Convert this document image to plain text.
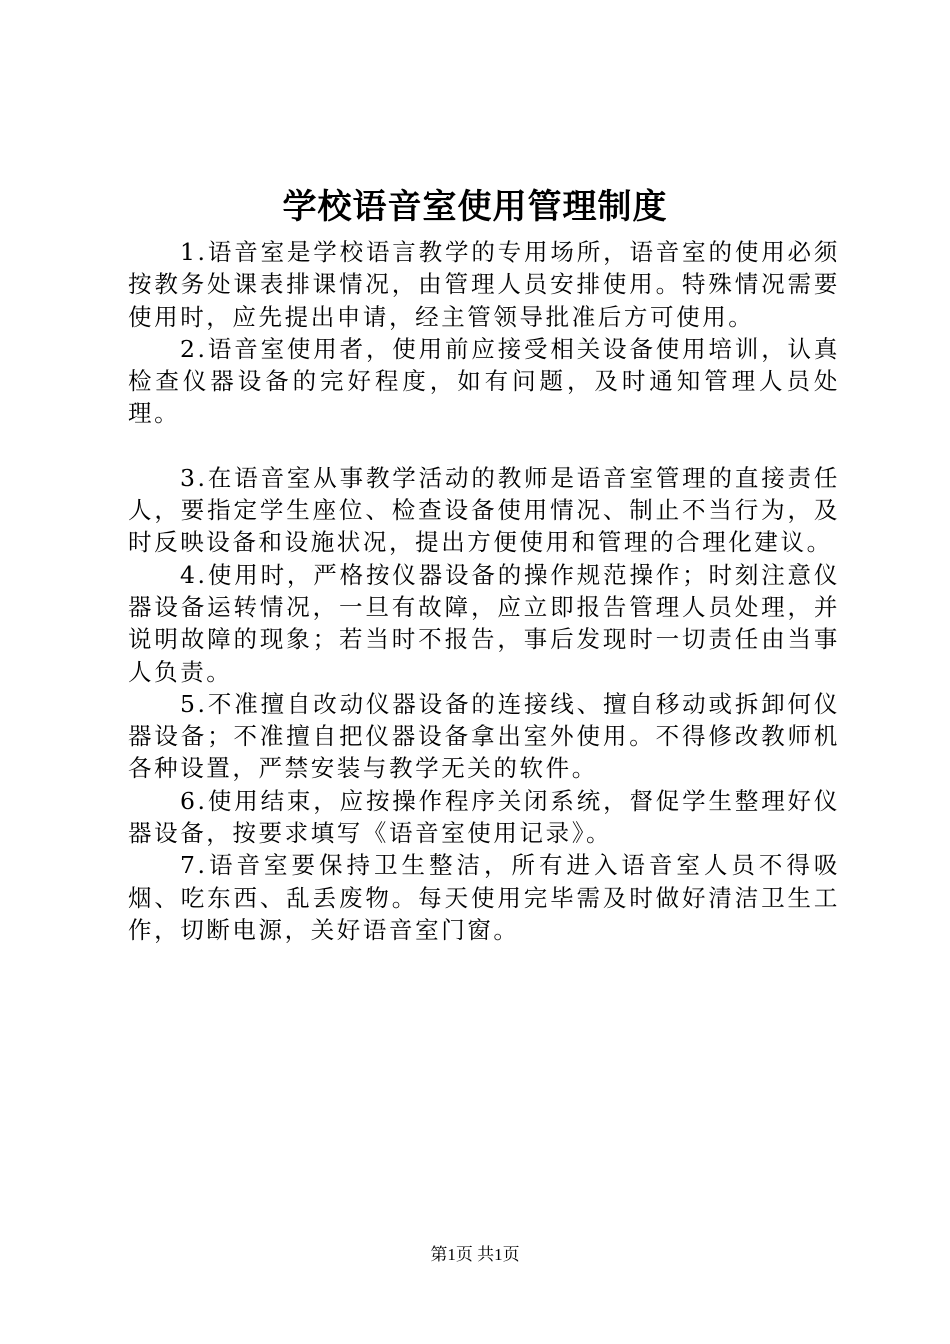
学校语音室使用管理制度

1.语音室是学校语言教学的专用场所，语音室的使用必须按教务处课表排课情况，由管理人员安排使用。特殊情况需要使用时，应先提出申请，经主管领导批准后方可使用。

2.语音室使用者，使用前应接受相关设备使用培训，认真检查仪器设备的完好程度，如有问题，及时通知管理人员处理。

3.在语音室从事教学活动的教师是语音室管理的直接责任人，要指定学生座位、检查设备使用情况、制止不当行为，及时反映设备和设施状况，提出方便使用和管理的合理化建议。

4.使用时，严格按仪器设备的操作规范操作；时刻注意仪器设备运转情况，一旦有故障，应立即报告管理人员处理，并说明故障的现象；若当时不报告，事后发现时一切责任由当事人负责。

5.不准擅自改动仪器设备的连接线、擅自移动或拆卸何仪器设备；不准擅自把仪器设备拿出室外使用。不得修改教师机各种设置，严禁安装与教学无关的软件。

6.使用结束，应按操作程序关闭系统，督促学生整理好仪器设备，按要求填写《语音室使用记录》。

7.语音室要保持卫生整洁，所有进入语音室人员不得吸烟、吃东西、乱丢废物。每天使用完毕需及时做好清洁卫生工作，切断电源，关好语音室门窗。

第1页 共1页
